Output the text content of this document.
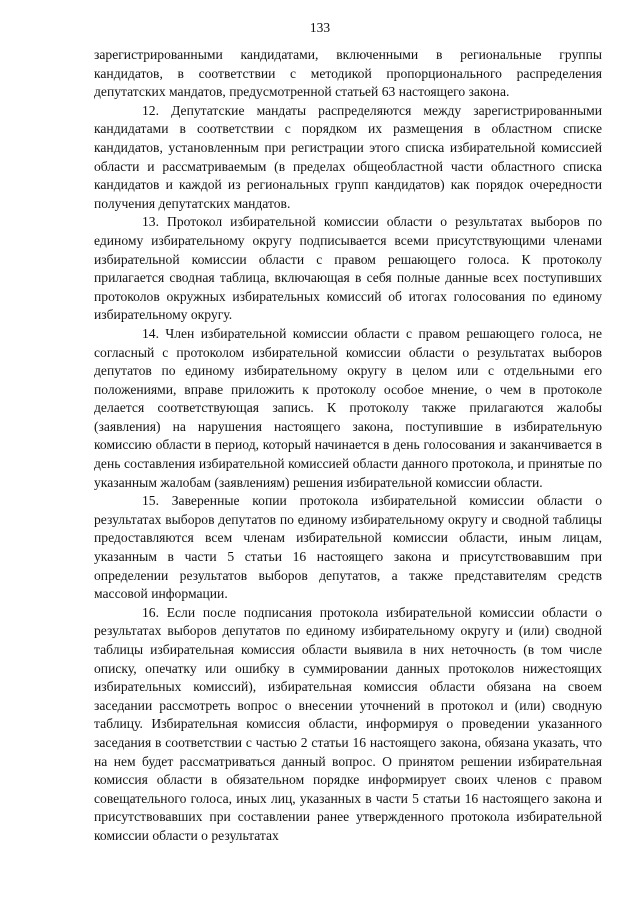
133

зарегистрированными кандидатами, включенными в региональные группы кандидатов, в соответствии с методикой пропорционального распределения депутатских мандатов, предусмотренной статьей 63 настоящего закона.

12. Депутатские мандаты распределяются между зарегистрированными кандидатами в соответствии с порядком их размещения в областном списке кандидатов, установленным при регистрации этого списка избирательной комиссией области и рассматриваемым (в пределах общеобластной части областного списка кандидатов и каждой из региональных групп кандидатов) как порядок очередности получения депутатских мандатов.

13. Протокол избирательной комиссии области о результатах выборов по единому избирательному округу подписывается всеми присутствующими членами избирательной комиссии области с правом решающего голоса. К протоколу прилагается сводная таблица, включающая в себя полные данные всех поступивших протоколов окружных избирательных комиссий об итогах голосования по единому избирательному округу.

14. Член избирательной комиссии области с правом решающего голоса, не согласный с протоколом избирательной комиссии области о результатах выборов депутатов по единому избирательному округу в целом или с отдельными его положениями, вправе приложить к протоколу особое мнение, о чем в протоколе делается соответствующая запись. К протоколу также прилагаются жалобы (заявления) на нарушения настоящего закона, поступившие в избирательную комиссию области в период, который начинается в день голосования и заканчивается в день составления избирательной комиссией области данного протокола, и принятые по указанным жалобам (заявлениям) решения избирательной комиссии области.

15. Заверенные копии протокола избирательной комиссии области о результатах выборов депутатов по единому избирательному округу и сводной таблицы предоставляются всем членам избирательной комиссии области, иным лицам, указанным в части 5 статьи 16 настоящего закона и присутствовавшим при определении результатов выборов депутатов, а также представителям средств массовой информации.

16. Если после подписания протокола избирательной комиссии области о результатах выборов депутатов по единому избирательному округу и (или) сводной таблицы избирательная комиссия области выявила в них неточность (в том числе описку, опечатку или ошибку в суммировании данных протоколов нижестоящих избирательных комиссий), избирательная комиссия области обязана на своем заседании рассмотреть вопрос о внесении уточнений в протокол и (или) сводную таблицу. Избирательная комиссия области, информируя о проведении указанного заседания в соответствии с частью 2 статьи 16 настоящего закона, обязана указать, что на нем будет рассматриваться данный вопрос. О принятом решении избирательная комиссия области в обязательном порядке информирует своих членов с правом совещательного голоса, иных лиц, указанных в части 5 статьи 16 настоящего закона и присутствовавших при составлении ранее утвержденного протокола избирательной комиссии области о результатах
